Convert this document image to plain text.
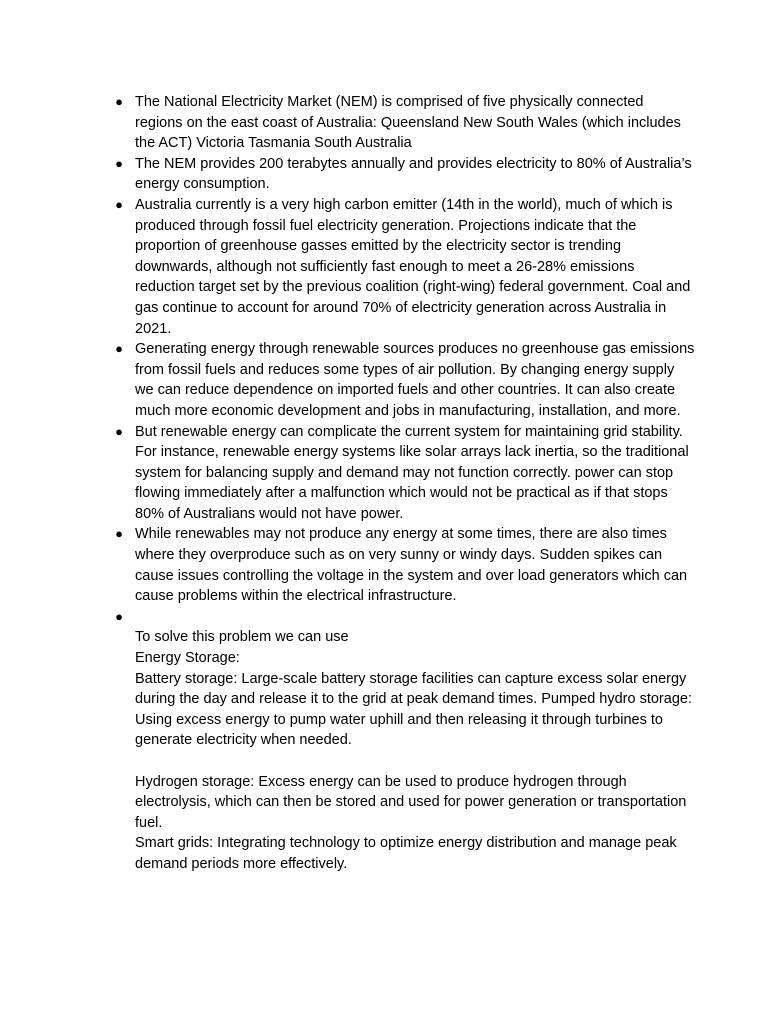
● The National Electricity Market (NEM) is comprised of five physically connected regions on the east coast of Australia: Queensland New South Wales (which includes the ACT) Victoria Tasmania South Australia
● The NEM provides 200 terabytes annually and provides electricity to 80% of Australia’s energy consumption.
● Australia currently is a very high carbon emitter (14th in the world), much of which is produced through fossil fuel electricity generation. Projections indicate that the proportion of greenhouse gasses emitted by the electricity sector is trending downwards, although not sufficiently fast enough to meet a 26-28% emissions reduction target set by the previous coalition (right-wing) federal government. Coal and gas continue to account for around 70% of electricity generation across Australia in 2021.
● Generating energy through renewable sources produces no greenhouse gas emissions from fossil fuels and reduces some types of air pollution. By changing energy supply we can reduce dependence on imported fuels and other countries. It can also create much more economic development and jobs in manufacturing, installation, and more.
● But renewable energy can complicate the current system for maintaining grid stability. For instance, renewable energy systems like solar arrays lack inertia, so the traditional system for balancing supply and demand may not function correctly. power can stop flowing immediately after a malfunction which would not be practical as if that stops 80% of Australians would not have power.
● While renewables may not produce any energy at some times, there are also times where they overproduce such as on very sunny or windy days. Sudden spikes can cause issues controlling the voltage in the system and over load generators which can cause problems within the electrical infrastructure.
●

To solve this problem we can use

Energy Storage:

Battery storage: Large-scale battery storage facilities can capture excess solar energy during the day and release it to the grid at peak demand times. Pumped hydro storage: Using excess energy to pump water uphill and then releasing it through turbines to generate electricity when needed.

Hydrogen storage: Excess energy can be used to produce hydrogen through electrolysis, which can then be stored and used for power generation or transportation fuel.

Smart grids: Integrating technology to optimize energy distribution and manage peak demand periods more effectively.
